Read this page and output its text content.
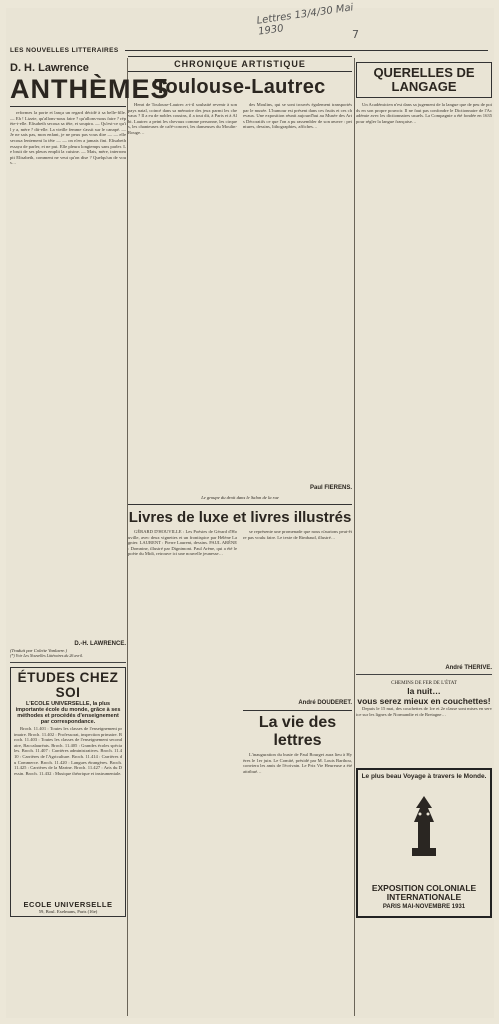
Lettres 13/4/30 Mai 1930	7
LES NOUVELLES LITTERAIRES
D. H. Lawrence
ANTHÈMES

reformes la porte et lança un regard décidé à sa belle-fille. — Eh ! Lizzie, qu'allons-nous faire ? qu'allons-nous faire ? répète-t-elle. Elisabeth secoua sa tête, et soupira. — Qu'est-ce qu'il y a, mère ? dit-elle. La vieille femme s'assit sur le canapé. — Je ne sais pas, mon enfant, je ne peux pas vous dire — — elle secoua lentement la tête — — on n'en a jamais fini. Elisabeth essaya de parler, et ne put. Elle pleura longtemps sans parler. Le bruit de ses pleurs emplit la cuisine. — Mais, mère, interrompit Elisabeth, comment ne veut qu'on dise ? Quelqu'un de vous…

D.-H. LAWRENCE.
(Traduit par Colette Vanlaere.)
(*) Voir Les Nouvelles Littéraires du 26 avril.
ÉTUDES CHEZ SOI
L'ECOLE UNIVERSELLE, la plus importante école du monde, grâce à ses méthodes et procédés d'enseignement par correspondance.

Broch. 11.401 : Toutes les classes de l'enseignement primaire. Broch. 11.402 : Professorat, inspection primaire. Broch. 11.403 : Toutes les classes de l'enseignement secondaire, Baccalauréats. Broch. 11.405 : Grandes écoles spéciales. Broch. 11.407 : Carrières administratives. Broch. 11.410 : Carrières de l'Agriculture. Broch. 11.414 : Carrières du Commerce. Broch. 11.420 : Langues étrangères. Broch. 11.425 : Carrières de la Marine. Broch. 11.427 : Arts du Dessin. Broch. 11.432 : Musique théorique et instrumentale.

ECOLE UNIVERSELLE
59, Boul. Exelmans, Paris (16e)
CHRONIQUE ARTISTIQUE
Toulouse-Lautrec

Henri de Toulouse-Lautrec a-t-il souhaité revenir à son pays natal, coincé dans sa mémoire des jeux parmi les chevaux ? Il a eu de nobles cousins, il a tout dit, à Paris et à Albi. Lautrec a peint les chevaux comme personne, les cirques, les chanteuses de café-concert, les danseuses du Moulin-Rouge…

des Moulins, qui se sont trouvés également transportés par le musée. L'humour est présent dans ces fruits et ces chevaux. Une exposition réunit aujourd'hui au Musée des Arts Décoratifs ce que l'on a pu rassembler de son œuvre : peintures, dessins, lithographies, affiches…

Paul FIERENS.
Le groupe du droit dans le Salon de la rue
Livres de luxe et livres illustrés

GÉRARD D'HOUVILLE : Les Poésies de Gérard d'Houville, avec deux vignettes et un frontispice par Hélène Lagnier. LAURENT : Pierre Laurent, dessins. PAUL ARÈNE : Domnine, illustré par Dignimont. Paul Arène, qui a été le poète du Midi, retrouve ici une nouvelle jeunesse…

se représente une promenade que nous n'aurions peut-être pas voulu faire. Le texte de Rimbaud, illustré…

André DOUDERET.
La vie des lettres

L'inauguration du buste de Paul Bourget aura lieu à Hyères le 1er juin. Le Comité, présidé par M. Louis Barthou, conviera les amis de l'écrivain. Le Prix Vie Heureuse a été attribué…

QUERELLES DE LANGAGE

Un Académicien n'est dans sa jugement de la langue que de peu de poids en son propre pouvoir. Il ne faut pas confondre le Dictionnaire de l'Académie avec les dictionnaires usuels. La Compagnie a été fondée en 1635 pour régler la langue française…

André THERIVE.
CHEMINS DE FER DE L'ÉTAT
la nuit…
vous serez mieux en couchettes!

Depuis le 15 mai, des couchettes de 1re et 2e classe sont mises en service sur les lignes de Normandie et de Bretagne…

Le plus beau Voyage à travers le Monde.
EXPOSITION COLONIALE INTERNATIONALE
PARIS MAI-NOVEMBRE 1931
